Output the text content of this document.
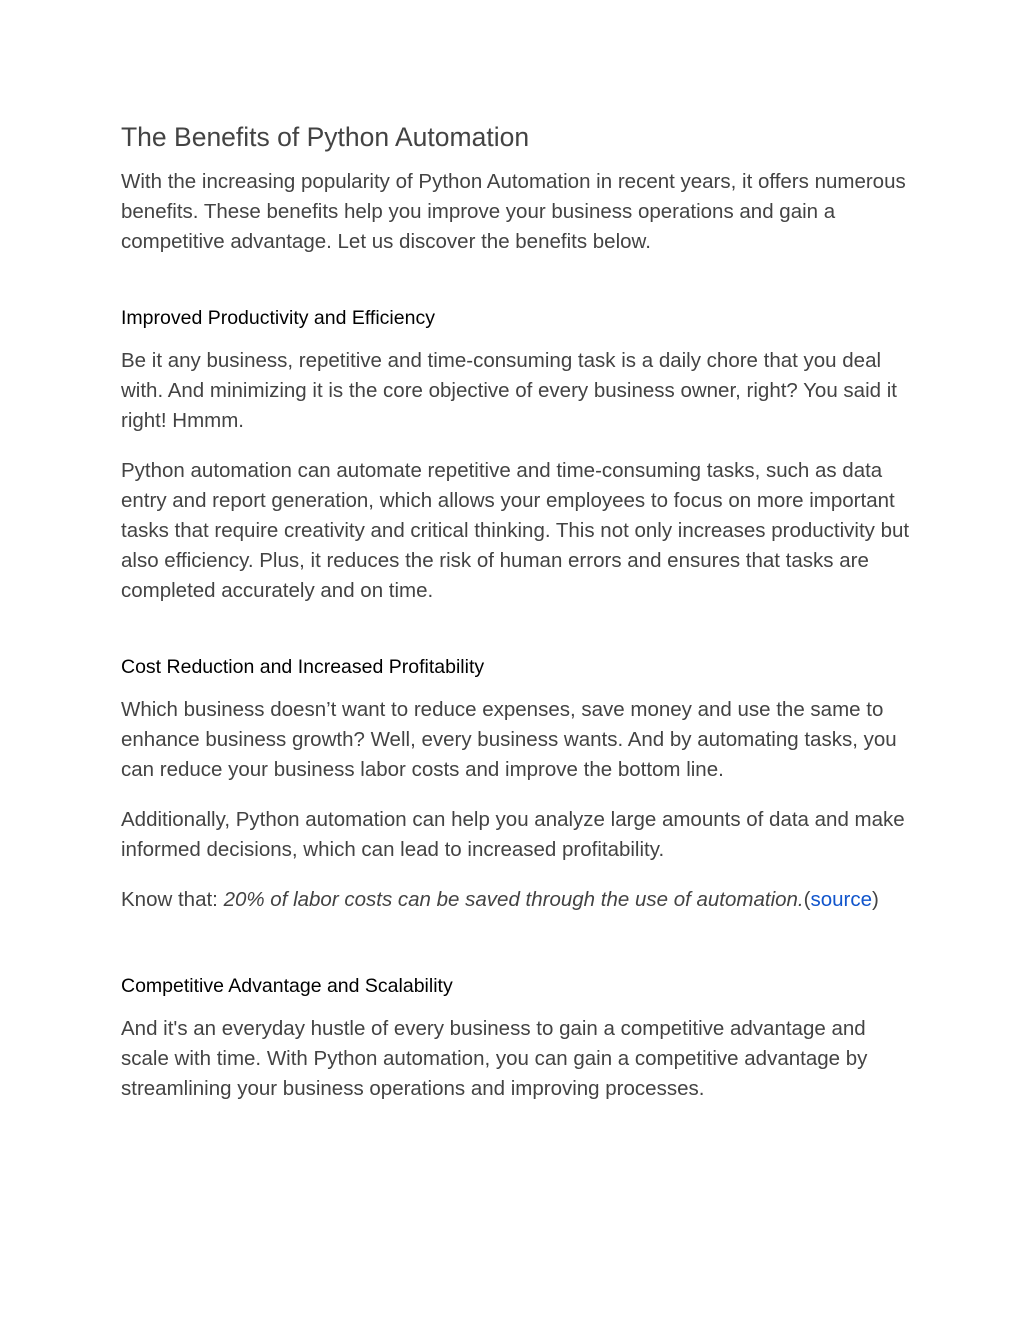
The Benefits of Python Automation

With the increasing popularity of Python Automation in recent years, it offers numerous benefits. These benefits help you improve your business operations and gain a competitive advantage. Let us discover the benefits below.

Improved Productivity and Efficiency

Be it any business, repetitive and time-consuming task is a daily chore that you deal with. And minimizing it is the core objective of every business owner, right? You said it right! Hmmm.

Python automation can automate repetitive and time-consuming tasks, such as data entry and report generation, which allows your employees to focus on more important tasks that require creativity and critical thinking. This not only increases productivity but also efficiency. Plus, it reduces the risk of human errors and ensures that tasks are completed accurately and on time.

Cost Reduction and Increased Profitability

Which business doesn’t want to reduce expenses, save money and use the same to enhance business growth? Well, every business wants. And by automating tasks, you can reduce your business labor costs and improve the bottom line.

Additionally, Python automation can help you analyze large amounts of data and make informed decisions, which can lead to increased profitability.

Know that: 20% of labor costs can be saved through the use of automation.(source)

Competitive Advantage and Scalability

And it's an everyday hustle of every business to gain a competitive advantage and scale with time. With Python automation, you can gain a competitive advantage by streamlining your business operations and improving processes.
